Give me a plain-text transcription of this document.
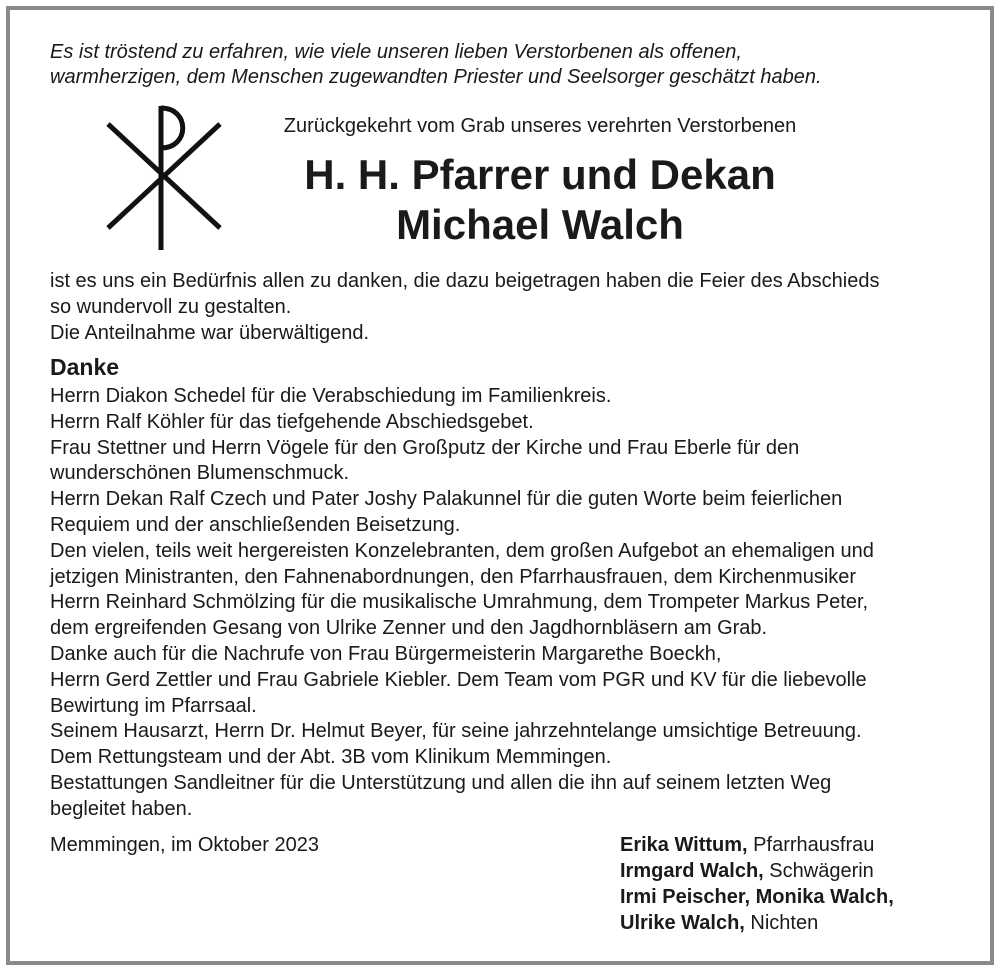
Es ist tröstend zu erfahren, wie viele unseren lieben Verstorbenen als offenen,
warmherzigen, dem Menschen zugewandten Priester und Seelsorger geschätzt haben.

Zurückgekehrt vom Grab unseres verehrten Verstorbenen

H. H. Pfarrer und Dekan
Michael Walch

ist es uns ein Bedürfnis allen zu danken, die dazu beigetragen haben die Feier des Abschieds
so wundervoll zu gestalten.
Die Anteilnahme war überwältigend.

Danke
Herrn Diakon Schedel für die Verabschiedung im Familienkreis.
Herrn Ralf Köhler für das tiefgehende Abschiedsgebet.
Frau Stettner und Herrn Vögele für den Großputz der Kirche und Frau Eberle für den
wunderschönen Blumenschmuck.
Herrn Dekan Ralf Czech und Pater Joshy Palakunnel für die guten Worte beim feierlichen
Requiem und der anschließenden Beisetzung.
Den vielen, teils weit hergereisten Konzelebranten, dem großen Aufgebot an ehemaligen und
jetzigen Ministranten, den Fahnenabordnungen, den Pfarrhausfrauen, dem Kirchenmusiker
Herrn Reinhard Schmölzing für die musikalische Umrahmung, dem Trompeter Markus Peter,
dem ergreifenden Gesang von Ulrike Zenner und den Jagdhornbläsern am Grab.
Danke auch für die Nachrufe von Frau Bürgermeisterin Margarethe Boeckh,
Herrn Gerd Zettler und Frau Gabriele Kiebler. Dem Team vom PGR und KV für die liebevolle
Bewirtung im Pfarrsaal.
Seinem Hausarzt, Herrn Dr. Helmut Beyer, für seine jahrzehntelange umsichtige Betreuung.
Dem Rettungsteam und der Abt. 3B vom Klinikum Memmingen.
Bestattungen Sandleitner für die Unterstützung und allen die ihn auf seinem letzten Weg
begleitet haben.

Memmingen, im Oktober 2023	Erika Wittum, Pfarrhausfrau
Irmgard Walch, Schwägerin
Irmi Peischer, Monika Walch,
Ulrike Walch, Nichten
